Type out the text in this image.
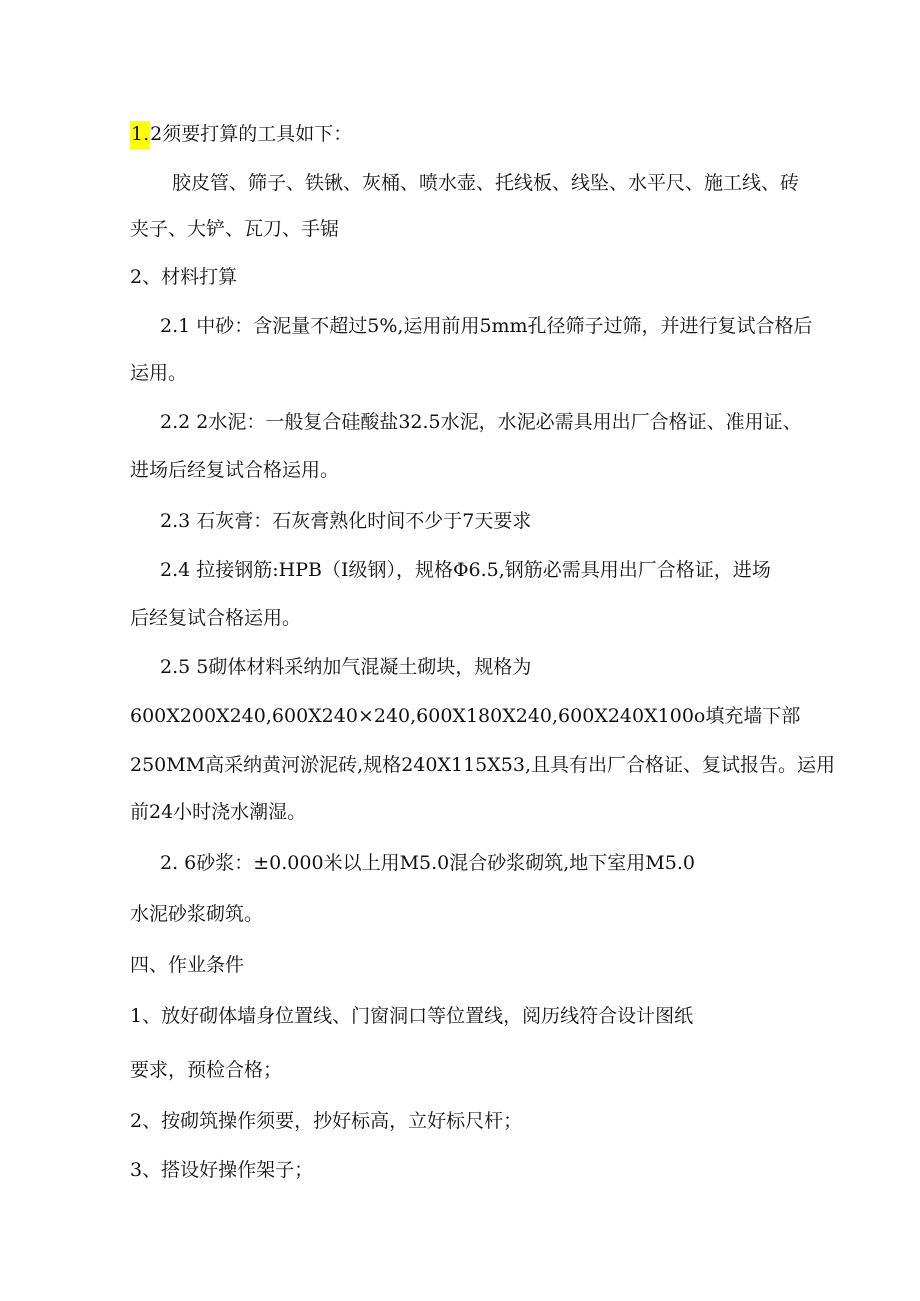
1.2须要打算的工具如下：

胶皮管、筛子、铁锹、灰桶、喷水壶、托线板、线坠、水平尺、施工线、砖

夹子、大铲、瓦刀、手锯

2、材料打算

2.1 中砂：含泥量不超过5%,运用前用5mm孔径筛子过筛，并进行复试合格后

运用。

2.2 2水泥：一般复合硅酸盐32.5水泥，水泥必需具用出厂合格证、准用证、

进场后经复试合格运用。

2.3 石灰膏：石灰膏熟化时间不少于7天要求

2.4 拉接钢筋:HPB（I级钢），规格Φ6.5,钢筋必需具用出厂合格证，进场

后经复试合格运用。

2.5 5砌体材料采纳加气混凝土砌块，规格为

600X200X240,600X240×240,600X180X240,600X240X100o填充墙下部

250MM高采纳黄河淤泥砖,规格240X115X53,且具有出厂合格证、复试报告。运用

前24小时浇水潮湿。

2. 6砂浆：±0.000米以上用M5.0混合砂浆砌筑,地下室用M5.0

水泥砂浆砌筑。

四、作业条件

1、放好砌体墙身位置线、门窗洞口等位置线，阅历线符合设计图纸

要求，预检合格；

2、按砌筑操作须要，抄好标高，立好标尺杆；

3、搭设好操作架子；
